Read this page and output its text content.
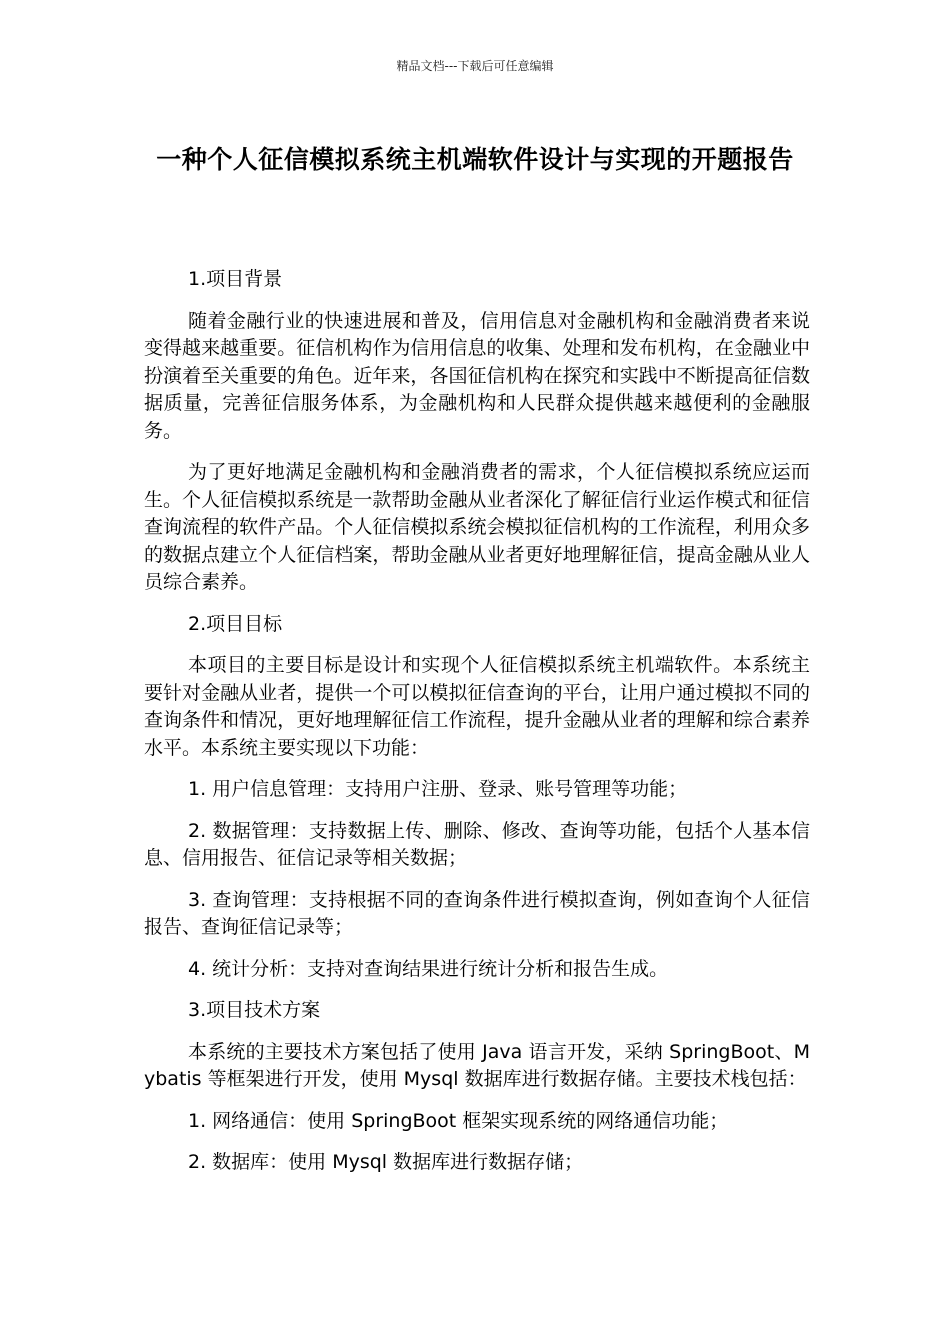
精品文档---下载后可任意编辑
一种个人征信模拟系统主机端软件设计与实现的开题报告

1.项目背景

随着金融行业的快速进展和普及，信用信息对金融机构和金融消费者来说变得越来越重要。征信机构作为信用信息的收集、处理和发布机构，在金融业中扮演着至关重要的角色。近年来，各国征信机构在探究和实践中不断提高征信数据质量，完善征信服务体系，为金融机构和人民群众提供越来越便利的金融服务。

为了更好地满足金融机构和金融消费者的需求，个人征信模拟系统应运而生。个人征信模拟系统是一款帮助金融从业者深化了解征信行业运作模式和征信查询流程的软件产品。个人征信模拟系统会模拟征信机构的工作流程，利用众多的数据点建立个人征信档案，帮助金融从业者更好地理解征信，提高金融从业人员综合素养。

2.项目目标

本项目的主要目标是设计和实现个人征信模拟系统主机端软件。本系统主要针对金融从业者，提供一个可以模拟征信查询的平台，让用户通过模拟不同的查询条件和情况，更好地理解征信工作流程，提升金融从业者的理解和综合素养水平。本系统主要实现以下功能：

1. 用户信息管理：支持用户注册、登录、账号管理等功能；

2. 数据管理：支持数据上传、删除、修改、查询等功能，包括个人基本信息、信用报告、征信记录等相关数据；

3. 查询管理：支持根据不同的查询条件进行模拟查询，例如查询个人征信报告、查询征信记录等；

4. 统计分析：支持对查询结果进行统计分析和报告生成。

3.项目技术方案

本系统的主要技术方案包括了使用 Java 语言开发，采纳 SpringBoot、Mybatis 等框架进行开发，使用 Mysql 数据库进行数据存储。主要技术栈包括：

1. 网络通信：使用 SpringBoot 框架实现系统的网络通信功能；

2. 数据库：使用 Mysql 数据库进行数据存储；
